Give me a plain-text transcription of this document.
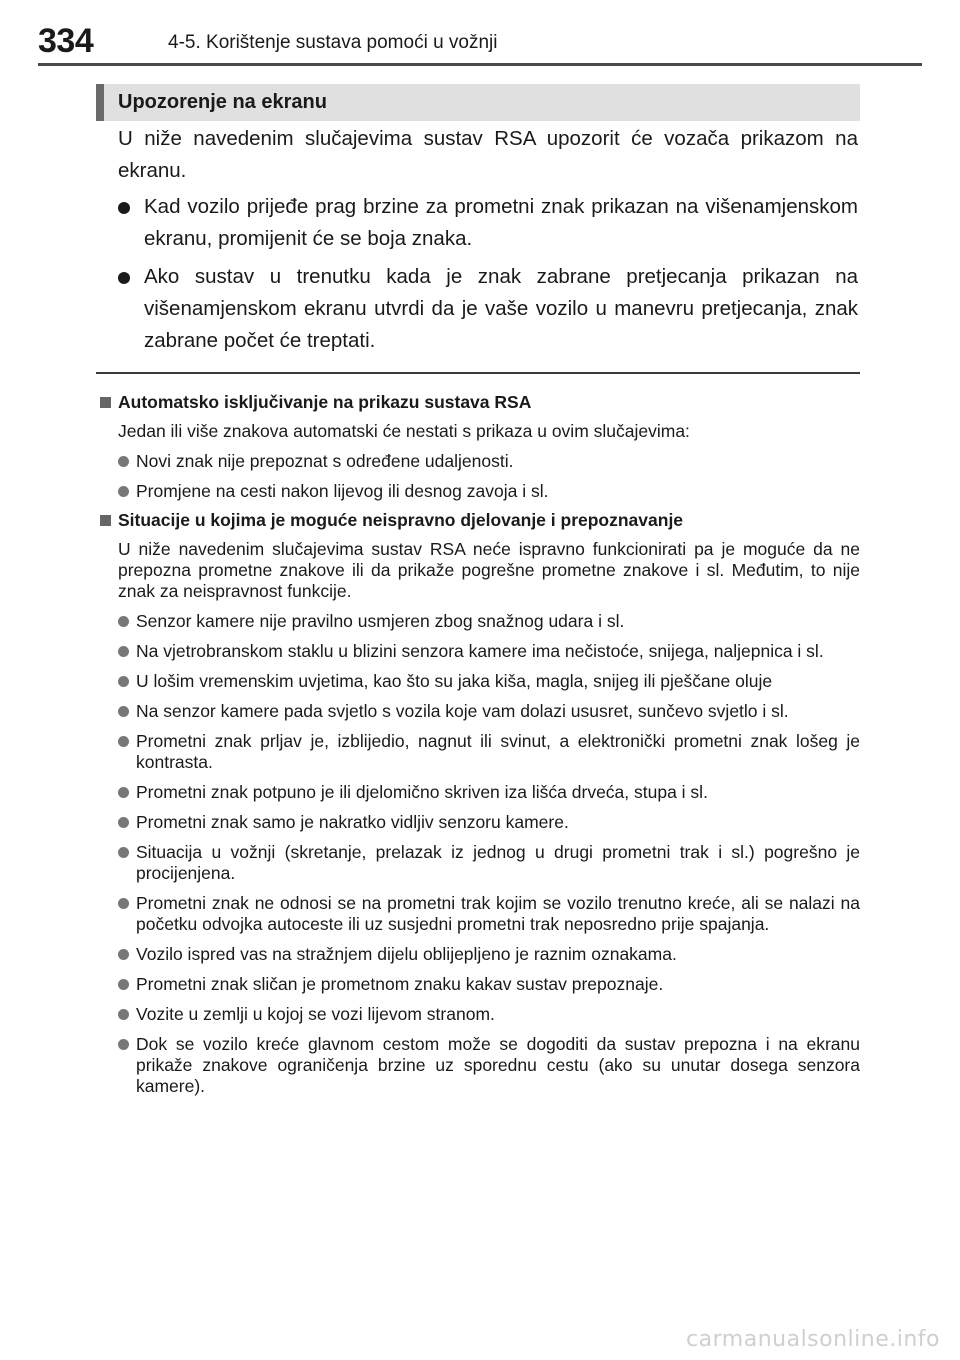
334	4-5. Korištenje sustava pomoći u vožnji
Upozorenje na ekranu

U niže navedenim slučajevima sustav RSA upozorit će vozača prikazom na ekranu.

Kad vozilo prijeđe prag brzine za prometni znak prikazan na višenamjenskom ekranu, promijenit će se boja znaka.
Ako sustav u trenutku kada je znak zabrane pretjecanja prikazan na višenamjenskom ekranu utvrdi da je vaše vozilo u manevru pretjecanja, znak zabrane počet će treptati.
Automatsko isključivanje na prikazu sustava RSA

Jedan ili više znakova automatski će nestati s prikaza u ovim slučajevima:

Novi znak nije prepoznat s određene udaljenosti.
Promjene na cesti nakon lijevog ili desnog zavoja i sl.
Situacije u kojima je moguće neispravno djelovanje i prepoznavanje

U niže navedenim slučajevima sustav RSA neće ispravno funkcionirati pa je moguće da ne prepozna prometne znakove ili da prikaže pogrešne prometne znakove i sl. Međutim, to nije znak za neispravnost funkcije.

Senzor kamere nije pravilno usmjeren zbog snažnog udara i sl.
Na vjetrobranskom staklu u blizini senzora kamere ima nečistoće, snijega, naljepnica i sl.
U lošim vremenskim uvjetima, kao što su jaka kiša, magla, snijeg ili pješčane oluje
Na senzor kamere pada svjetlo s vozila koje vam dolazi ususret, sunčevo svjetlo i sl.
Prometni znak prljav je, izblijedio, nagnut ili svinut, a elektronički prometni znak lošeg je kontrasta.
Prometni znak potpuno je ili djelomično skriven iza lišća drveća, stupa i sl.
Prometni znak samo je nakratko vidljiv senzoru kamere.
Situacija u vožnji (skretanje, prelazak iz jednog u drugi prometni trak i sl.) pogrešno je procijenjena.
Prometni znak ne odnosi se na prometni trak kojim se vozilo trenutno kreće, ali se nalazi na početku odvojka autoceste ili uz susjedni prometni trak neposredno prije spajanja.
Vozilo ispred vas na stražnjem dijelu oblijepljeno je raznim oznakama.
Prometni znak sličan je prometnom znaku kakav sustav prepoznaje.
Vozite u zemlji u kojoj se vozi lijevom stranom.
Dok se vozilo kreće glavnom cestom može se dogoditi da sustav prepozna i na ekranu prikaže znakove ograničenja brzine uz sporednu cestu (ako su unutar dosega senzora kamere).
carmanualsonline.info
